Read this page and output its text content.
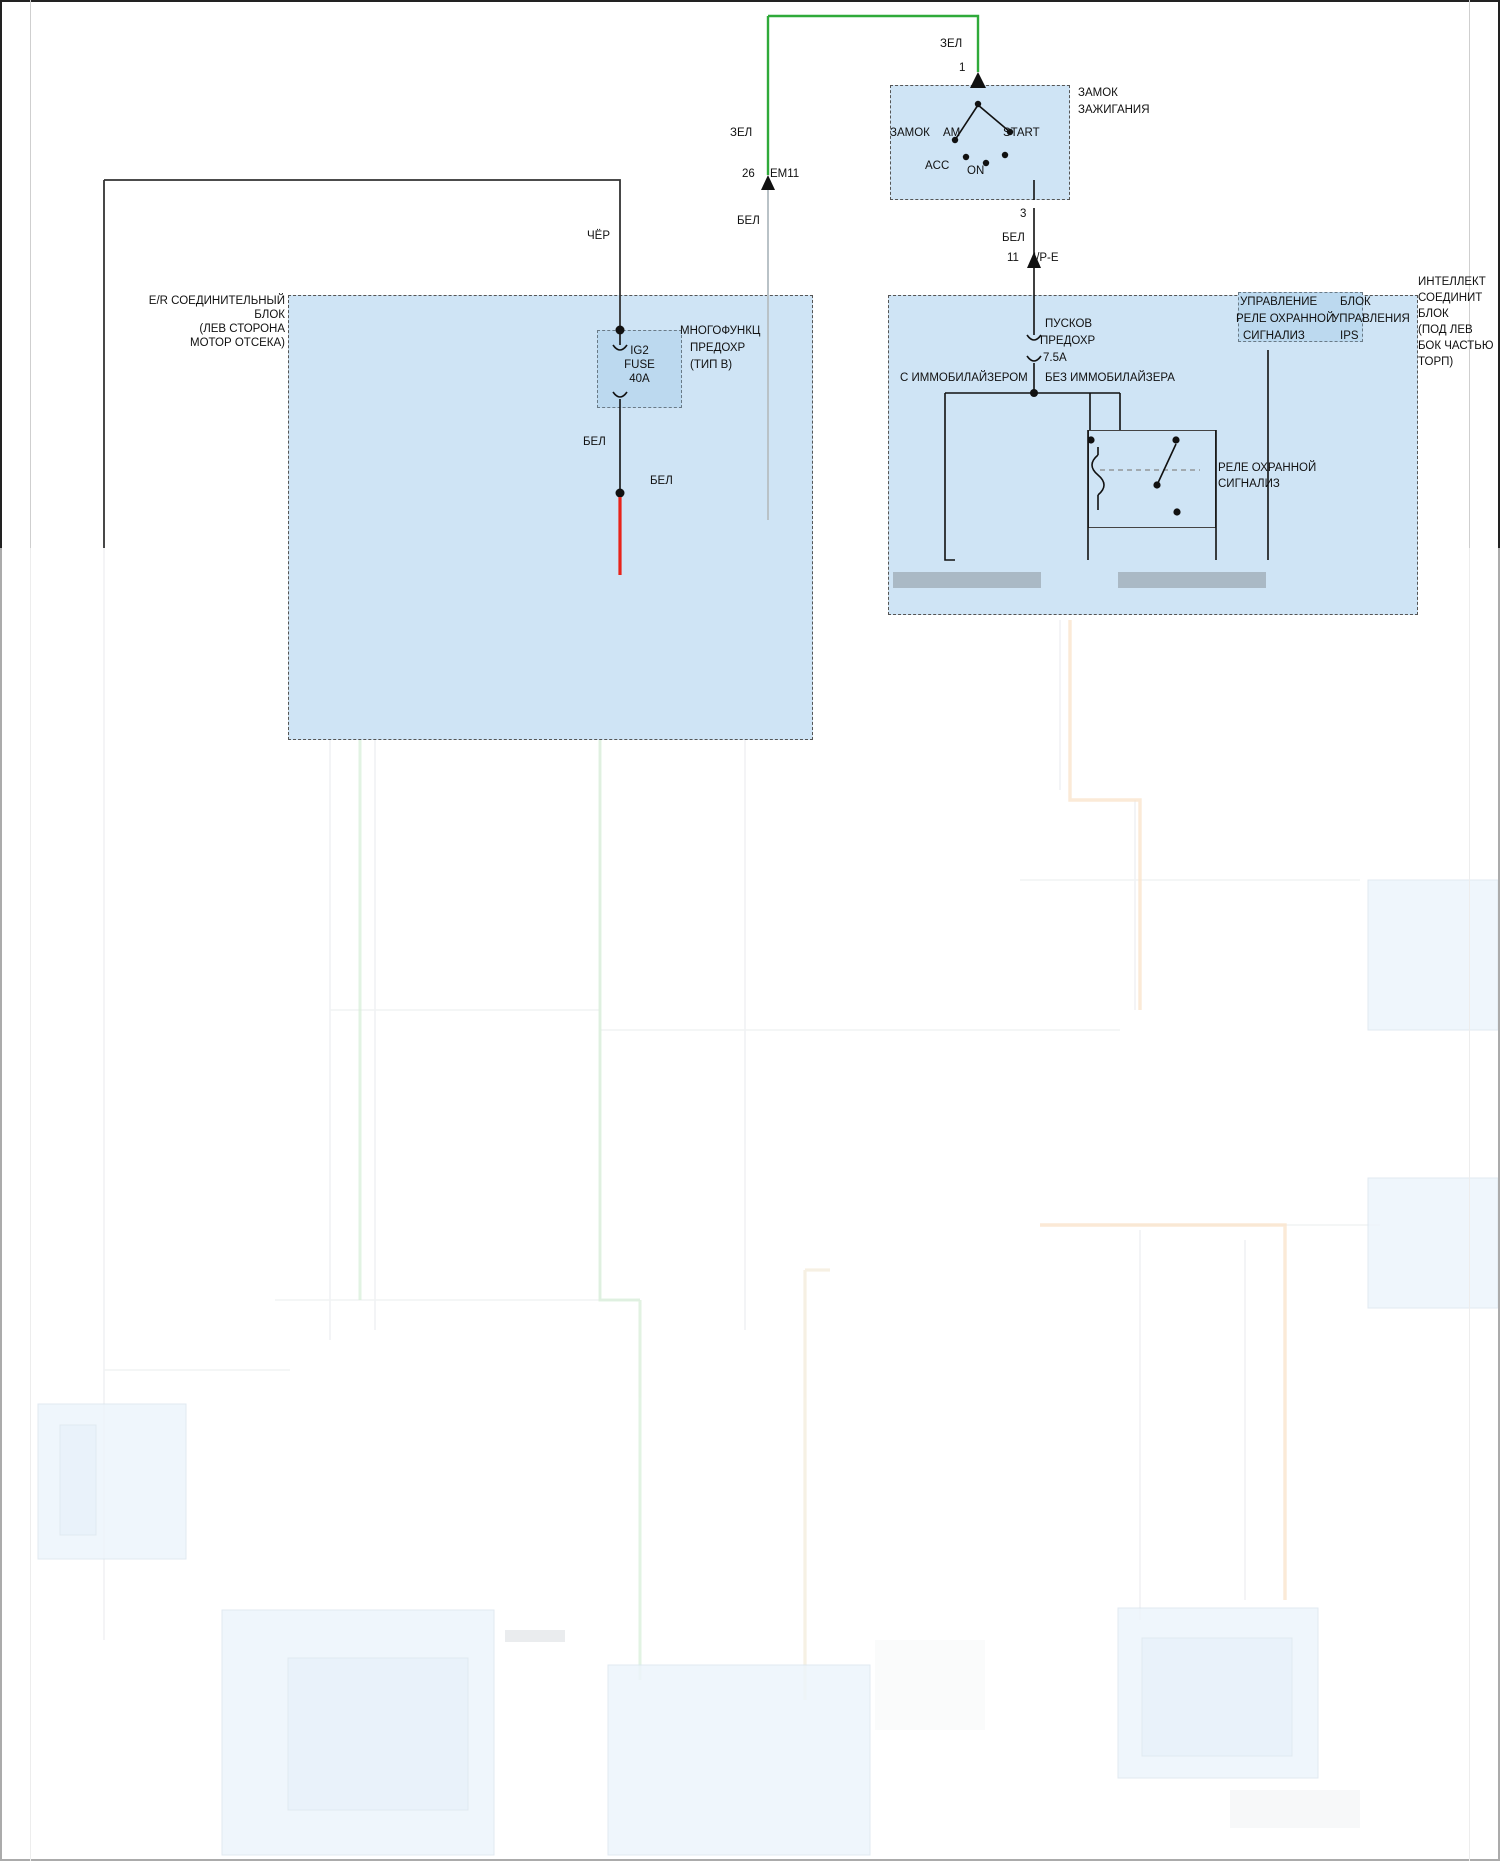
E/R СОЕДИНИТЕЛЬНЫЙ
БЛОК
(ЛЕВ СТОРОНА
МОТОР ОТСЕКА)
IG2
FUSE
40A
МНОГОФУНКЦ
ПРЕДОХР
(ТИП B)
ЗАМОК
ЗАЖИГАНИЯ
AM
ЗАМОК
ACC ON
START
ИНТЕЛЛЕКТ
СОЕДИНИТ
БЛОК
(ПОД ЛЕВ
БОК ЧАСТЬЮ
ТОРП)
ПУСКОВ
ПРЕДОХР
7.5A
С ИММОБИЛАЙЗЕРОМ БЕЗ ИММОБИЛАЙЗЕРА
РЕЛЕ ОХРАННОЙ
СИГНАЛИЗ
УПРАВЛЕНИЕ
РЕЛЕ ОХРАННОЙ
СИГНАЛИЗ
БЛОК
УПРАВЛЕНИЯ
IPS
ЗЕЛ
1
3
БЕЛ
11 I/P-E
ЗЕЛ
26 EM11
БЕЛ
ЧЁР
БЕЛ
БЕЛ
